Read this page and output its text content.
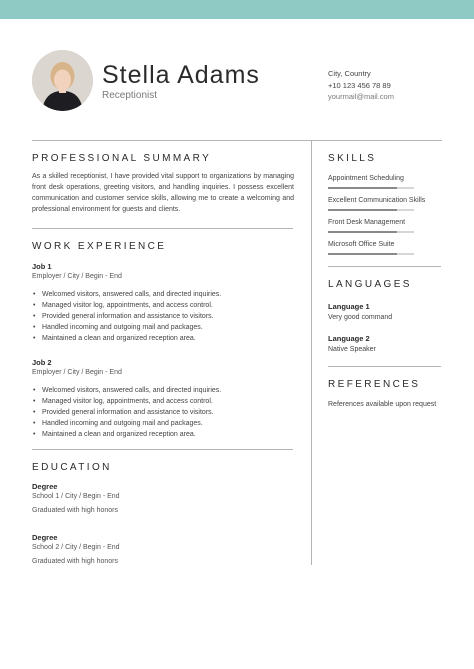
Stella Adams
Receptionist
City, Country
+10 123 456 78 89
yourmail@mail.com
PROFESSIONAL SUMMARY
As a skilled receptionist, I have provided vital support to organizations by managing front desk operations, greeting visitors, and handling inquiries. I possess excellent communication and customer service skills, allowing me to create a welcoming and professional environment for guests and clients.
WORK EXPERIENCE
Job 1
Employer / City / Begin - End
• Welcomed visitors, answered calls, and directed inquiries.
• Managed visitor log, appointments, and access control.
• Provided general information and assistance to visitors.
• Handled incoming and outgoing mail and packages.
• Maintained a clean and organized reception area.
Job 2
Employer / City / Begin - End
• Welcomed visitors, answered calls, and directed inquiries.
• Managed visitor log, appointments, and access control.
• Provided general information and assistance to visitors.
• Handled incoming and outgoing mail and packages.
• Maintained a clean and organized reception area.
EDUCATION
Degree
School 1 / City / Begin - End
Graduated with high honors
Degree
School 2 / City / Begin - End
Graduated with high honors
SKILLS
Appointment Scheduling
Excellent Communication Skills
Front Desk Management
Microsoft Office Suite
LANGUAGES
Language 1
Very good command
Language 2
Native Speaker
REFERENCES
References available upon request
